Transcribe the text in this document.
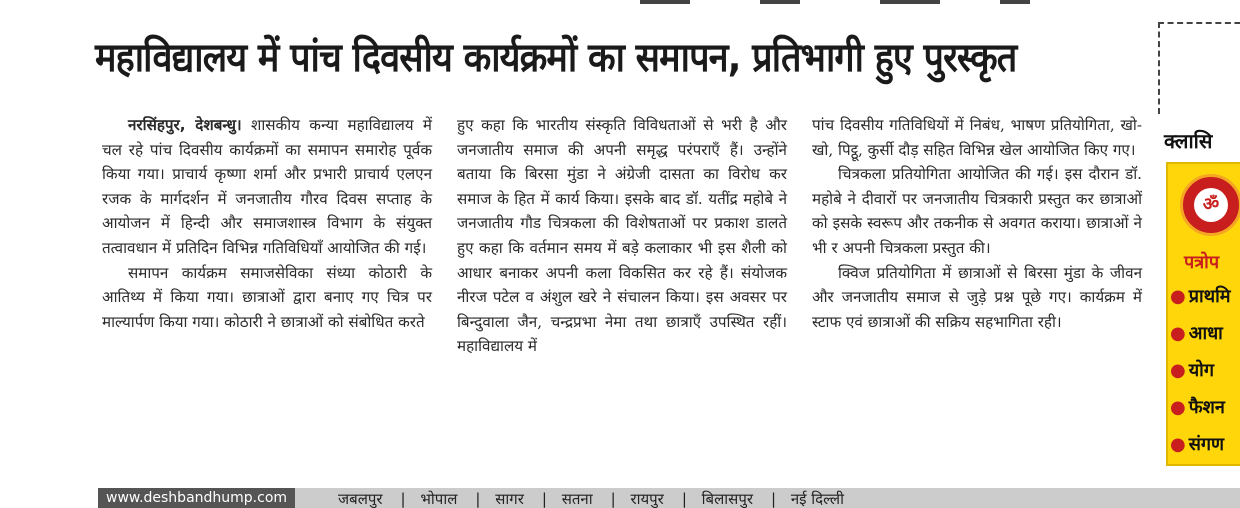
महाविद्यालय में पांच दिवसीय कार्यक्रमों का समापन, प्रतिभागी हुए पुरस्कृत

नरसिंहपुर, देशबन्धु। शासकीय कन्या महाविद्यालय में चल रहे पांच दिवसीय कार्यक्रमों का समापन समारोह पूर्वक किया गया। प्राचार्य कृष्णा शर्मा और प्रभारी प्राचार्य एलएन रजक के मार्गदर्शन में जनजातीय गौरव दिवस सप्ताह के आयोजन में हिन्दी और समाजशास्त्र विभाग के संयुक्त तत्वावधान में प्रतिदिन विभिन्न गतिविधियाँ आयोजित की गई।

समापन कार्यक्रम समाजसेविका संध्या कोठारी के आतिथ्य में किया गया। छात्राओं द्वारा बनाए गए चित्र पर माल्यार्पण किया गया। कोठारी ने छात्राओं को संबोधित करते

हुए कहा कि भारतीय संस्कृति विविधताओं से भरी है और जनजातीय समाज की अपनी समृद्ध परंपराएँ हैं। उन्होंने बताया कि बिरसा मुंडा ने अंग्रेजी दासता का विरोध कर समाज के हित में कार्य किया। इसके बाद डॉ. यतींद्र महोबे ने जनजातीय गौड चित्रकला की विशेषताओं पर प्रकाश डालते हुए कहा कि वर्तमान समय में बड़े कलाकार भी इस शैली को आधार बनाकर अपनी कला विकसित कर रहे हैं। संयोजक नीरज पटेल व अंशुल खरे ने संचालन किया। इस अवसर पर बिन्दुवाला जैन, चन्द्रप्रभा नेमा तथा छात्राएँ उपस्थित रहीं। महाविद्यालय में

पांच दिवसीय गतिविधियों में निबंध, भाषण प्रतियोगिता, खो-खो, पिट्ठू, कुर्सी दौड़ सहित विभिन्न खेल आयोजित किए गए।

चित्रकला प्रतियोगिता आयोजित की गई। इस दौरान डॉ. महोबे ने दीवारों पर जनजातीय चित्रकारी प्रस्तुत कर छात्राओं को इसके स्वरूप और तकनीक से अवगत कराया। छात्राओं ने भी र अपनी चित्रकला प्रस्तुत की।

क्विज प्रतियोगिता में छात्राओं से बिरसा मुंडा के जीवन और जनजातीय समाज से जुड़े प्रश्न पूछे गए। कार्यक्रम में स्टाफ एवं छात्राओं की सक्रिय सहभागिता रही।

क्लासि
ॐ
पत्रोप
● प्राथमि
● आधा
● योग
● फैशन
● संगण
www.deshbandhump.com	जबलपुर | भोपाल | सागर | सतना | रायपुर | बिलासपुर | नई दिल्ली
